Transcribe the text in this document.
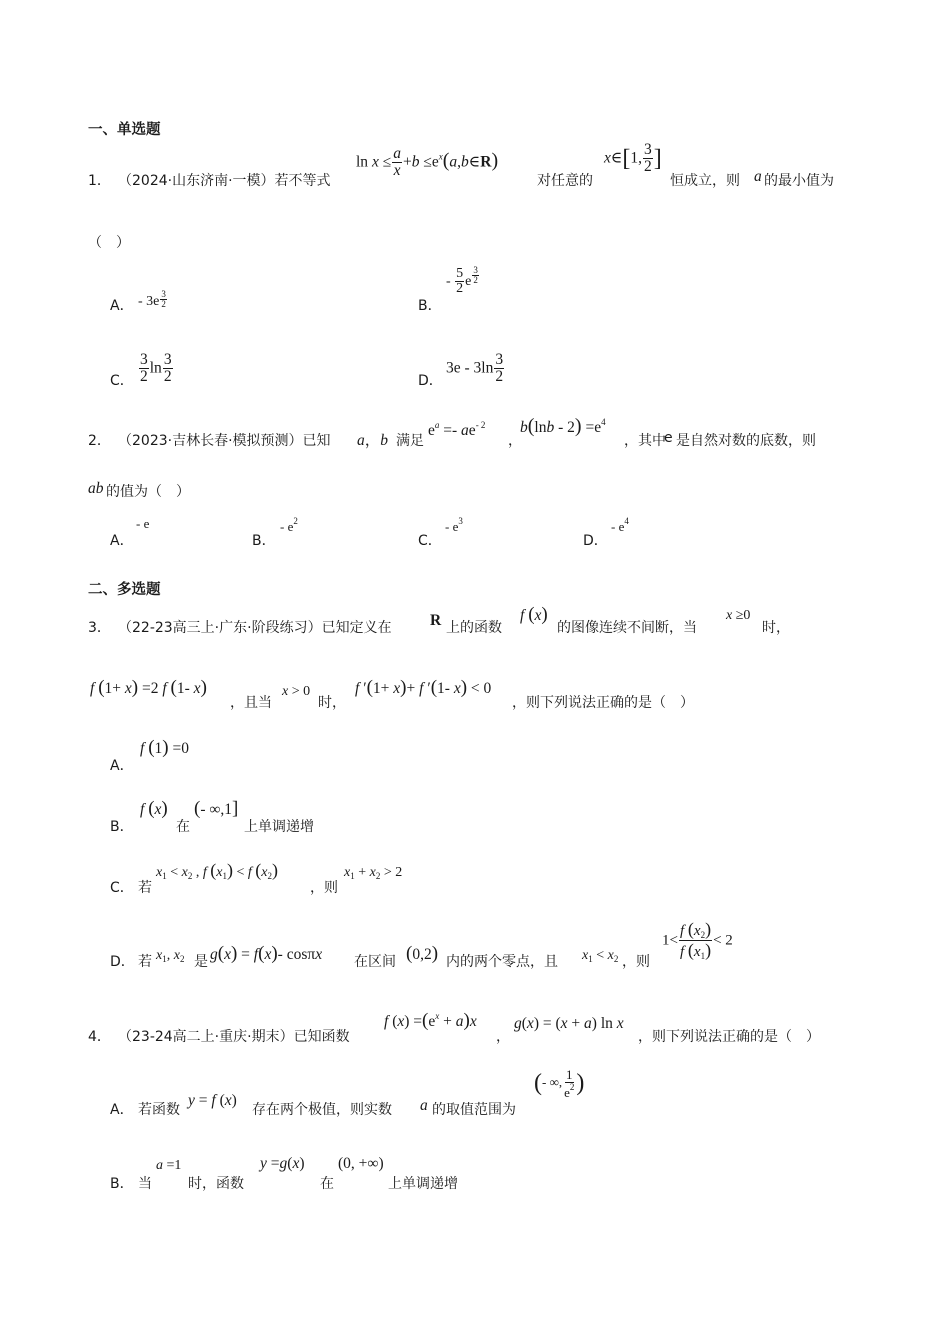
一、单选题
1． （2024·山东济南·一模）若不等式
$\ln x \le \frac{a}{x} +b$ $\le e^x(a,b\in R)$
对任意的
x∈[1, $\frac{3}{2}$ ]
恒成立，则 a 的最小值为
（　）
A． - $3e \frac{3}{2}$	B．
- $\frac{5}{2}$ e $\frac{3}{2}$
C． $\frac{3}{2}$ $\ln \frac{3}{2}$	D．
$3e - 3\ln \frac{3}{2}$
2． （2023·吉林长春·模拟预测）已知 a，b 满足
$e^a =- ae^{- 2}$
，
$b(\ln b - 2) =e^4$
，其中
e 是自然对数的底数，则
ab 的值为（　）
A．
- e
B．
- $e^2$
C．
- $e^3$
D．
- $e^4$
二、多选题
3． （22-23高三上·广东·阶段练习）已知定义在 R 上的函数
f (x)
的图像连续不间断，当
x ≥0
时，
f (1+ x) =2 f (1- x)
，且当
x > 0
时，
f ′(1+ x)+ f ′(1- x) < 0
，则下列说法正确的是（　）
A．
f (1) =0
B．
f (x)
在
(- ∞,1]
上单调递增
C． 若
$x_1 < x_2$ , f $(x_1) < f$ $(x_2)$
，则
$x_1 + x_2 > 2$
D． 若 $x_1$, $x_2$ 是 g(x) = f(x)- cosπx 在区间 (0,2) 内的两个零点，且 $x_1 < x_2$ ，则
$1< \frac{f (x_2)}{f (x_1)} < 2$
4． （23-24高二上·重庆·期末）已知函数
f $(x) =(e^x + a)x$
，
g(x) = (x + a) ln x
，则下列说法正确的是（　）
A． 若函数
y = f (x)
存在两个极值，则实数 a 的取值范围为
(- ∞, $\frac{1}{e^2}$ )
B． 当
a =1
时，函数
y =g(x)
在
(0, +∞)
上单调递增
